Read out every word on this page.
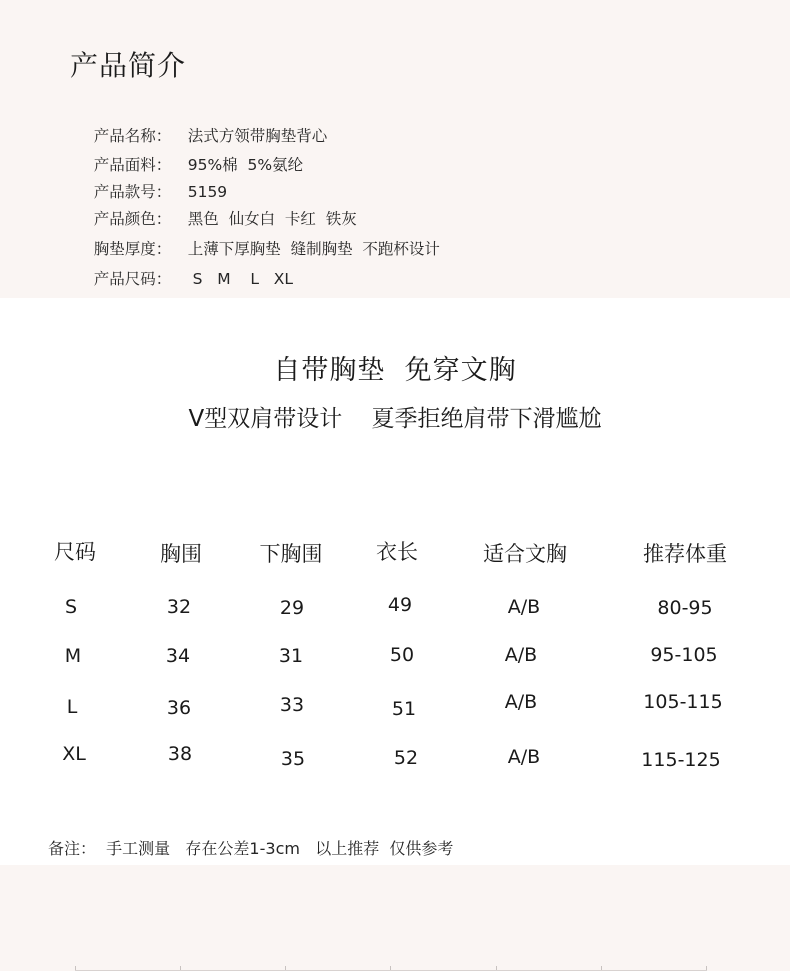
产品简介

产品名称： 法式方领带胸垫背心

产品面料： 95%棉  5%氨纶

产品款号： 5159

产品颜色： 黑色  仙女白  卡红  铁灰

胸垫厚度： 上薄下厚胸垫  缝制胸垫  不跑杯设计

产品尺码： S   M    L   XL

自带胸垫  免穿文胸
V型双肩带设计    夏季拒绝肩带下滑尴尬
尺码	胸围	下胸围	衣长	适合文胸	推荐体重
S	32	29	49	A/B	80-95
M	34	31	50	A/B	95-105
L	36	33	51	A/B	105-115
XL	38	35	52	A/B	115-125
备注：  手工测量   存在公差1-3cm   以上推荐  仅供参考
